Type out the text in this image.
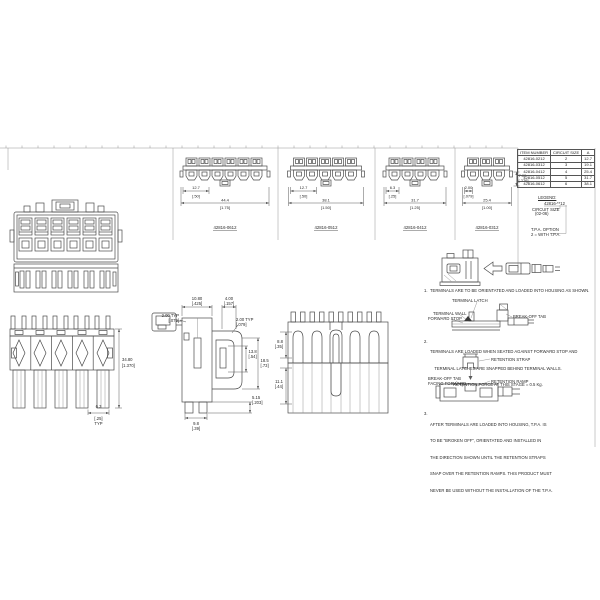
12.7
[.50]
44.4
[1.75]
42816-0612
12.7
[.50]
38.1
[1.50]
42816-0512
6.3
[.25]
31.7
[1.25]
42816-0412
2.00
[.079]
25.4
[1.00]
7.00
[.276]
42816-0312
ITEM NUMBER	CIRCUIT SIZE	A
42816-0212	2	12.7
42816-0312	3	19.1
42816-0412	4	25.4
42816-0512	5	31.7
42816-0612	6	38.1
LEGEND:
42816-**12
CIRCUIT SIZE
(02-06)
T.P.A. OPTION
2 = WITH T.P.A.
1. TERMINALS ARE TO BE ORIENTATED AND LOADED INTO HOUSING AS SHOWN.
TERMINAL LATCH
TERMINAL WALL
FORWARD STOP	BREAK-OFF TAB
2.

TERMINALS ARE LOADED WHEN SEATED AGAINST FORWARD STOP AND

TERMINAL LATCHES ARE SNAPPED BEHIND TERMINAL WALLS.

RETENTION FORCE AT THIS STAGE = 0.5 Kg.

RETENTION STRAP
RETENTION RAMP
BREAK-OFF TAB
FACING FORWARD
3.

AFTER TERMINALS ARE LOADED INTO HOUSING, T.P.A. IS

TO BE "BROKEN OFF", ORIENTATED AND INSTALLED IN

THE DIRECTION SHOWN UNTIL THE RETENTION STRAPS

SNAP OVER THE RETENTION RAMPS. THIS PRODUCT MUST

NEVER BE USED WITHOUT THE INSTALLATION OF THE T.P.A.

34.80
[1.370]
6.3
[.25]
TYP
10.80
[.425]
4.00
[.157]
2.00 TYP
[.079]	2.00 TYP
[.079]
13.8
[.54]
18.5
[.73]
5.15
[.203]
9.8
[.39]
8.8
[.35]
11.1
[.44]
